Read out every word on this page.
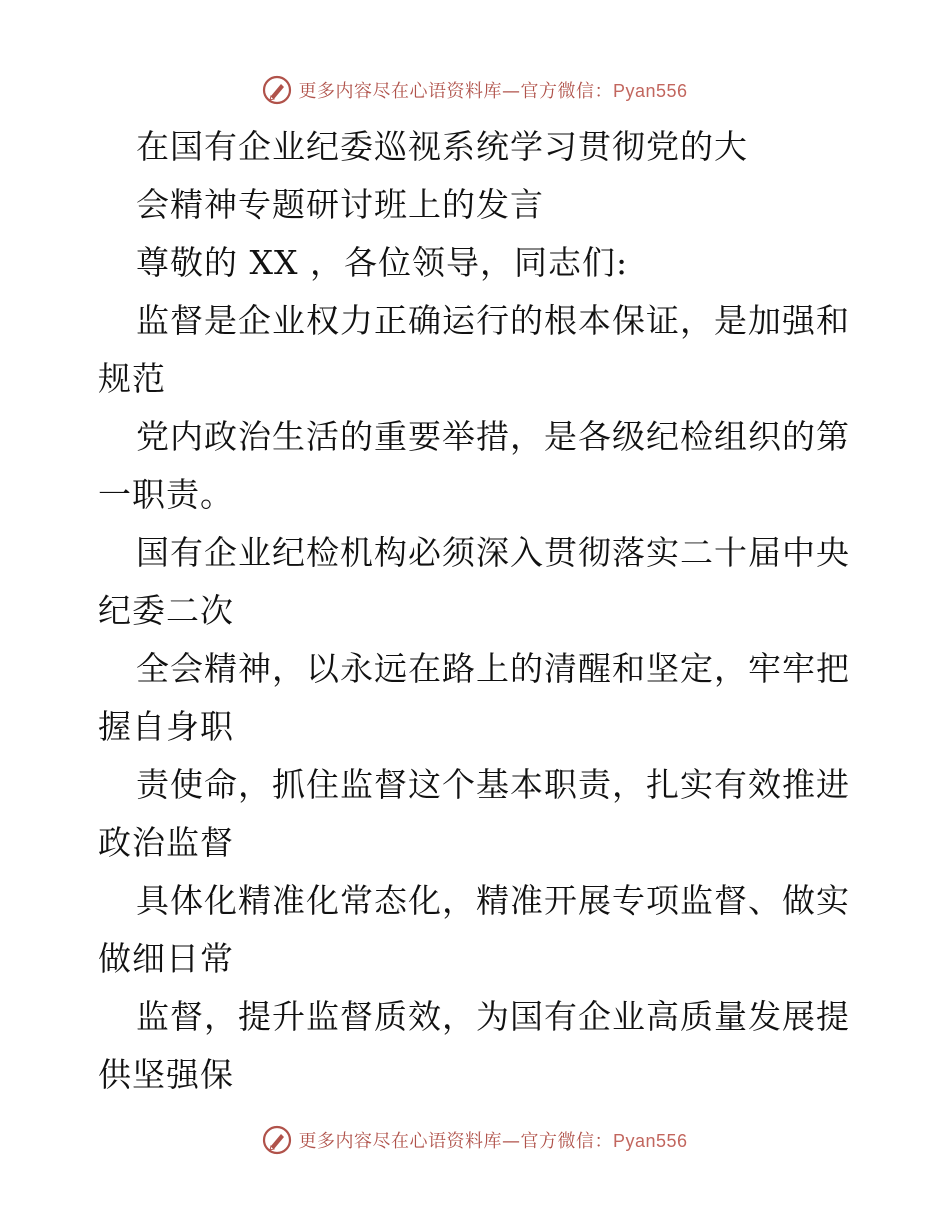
更多内容尽在心语资料库—官方微信：Pyan556
在国有企业纪委巡视系统学习贯彻党的大
会精神专题研讨班上的发言
尊敬的 XX ，各位领导，同志们:
监督是企业权力正确运行的根本保证，是加强和
规范
党内政治生活的重要举措，是各级纪检组织的第
一职责。
国有企业纪检机构必须深入贯彻落实二十届中央
纪委二次
全会精神，以永远在路上的清醒和坚定，牢牢把
握自身职
责使命，抓住监督这个基本职责，扎实有效推进
政治监督
具体化精准化常态化，精准开展专项监督、做实
做细日常
监督，提升监督质效，为国有企业高质量发展提
供坚强保
更多内容尽在心语资料库—官方微信：Pyan556
